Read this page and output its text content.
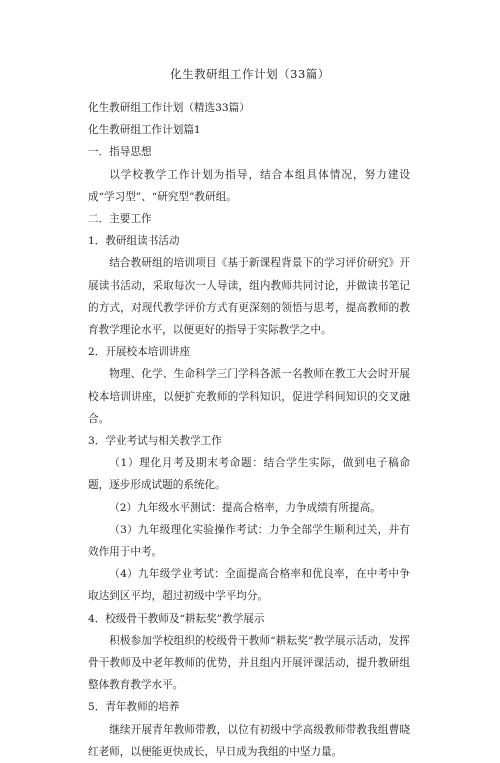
化生教研组工作计划（33篇）

化生教研组工作计划（精选33篇）

化生教研组工作计划篇1

一．指导思想

以学校教学工作计划为指导，结合本组具体情况，努力建设成“学习型”、“研究型”教研组。

二．主要工作

1．教研组读书活动

结合教研组的培训项目《基于新课程背景下的学习评价研究》开展读书活动，采取每次一人导读，组内教师共同讨论，并做读书笔记的方式，对现代教学评价方式有更深刻的领悟与思考，提高教师的教育教学理论水平，以便更好的指导于实际教学之中。

2．开展校本培训讲座

物理、化学、生命科学三门学科各派一名教师在教工大会时开展校本培训讲座，以便扩充教师的学科知识，促进学科间知识的交叉融合。

3．学业考试与相关教学工作

（1）理化月考及期末考命题：结合学生实际，做到电子稿命题，逐步形成试题的系统化。

（2）九年级水平测试：提高合格率，力争成绩有所提高。

（3）九年级理化实验操作考试：力争全部学生顺利过关，并有效作用于中考。

（4）九年级学业考试：全面提高合格率和优良率，在中考中争取达到区平均，超过初级中学平均分。

4．校级骨干教师及“耕耘奖”教学展示

积极参加学校组织的校级骨干教师“耕耘奖”教学展示活动，发挥骨干教师及中老年教师的优势，并且组内开展评课活动，提升教研组整体教育教学水平。

5．青年教师的培养

继续开展青年教师带教，以位有初级中学高级教师带教我组曹晓红老师，以便能更快成长，早日成为我组的中坚力量。
